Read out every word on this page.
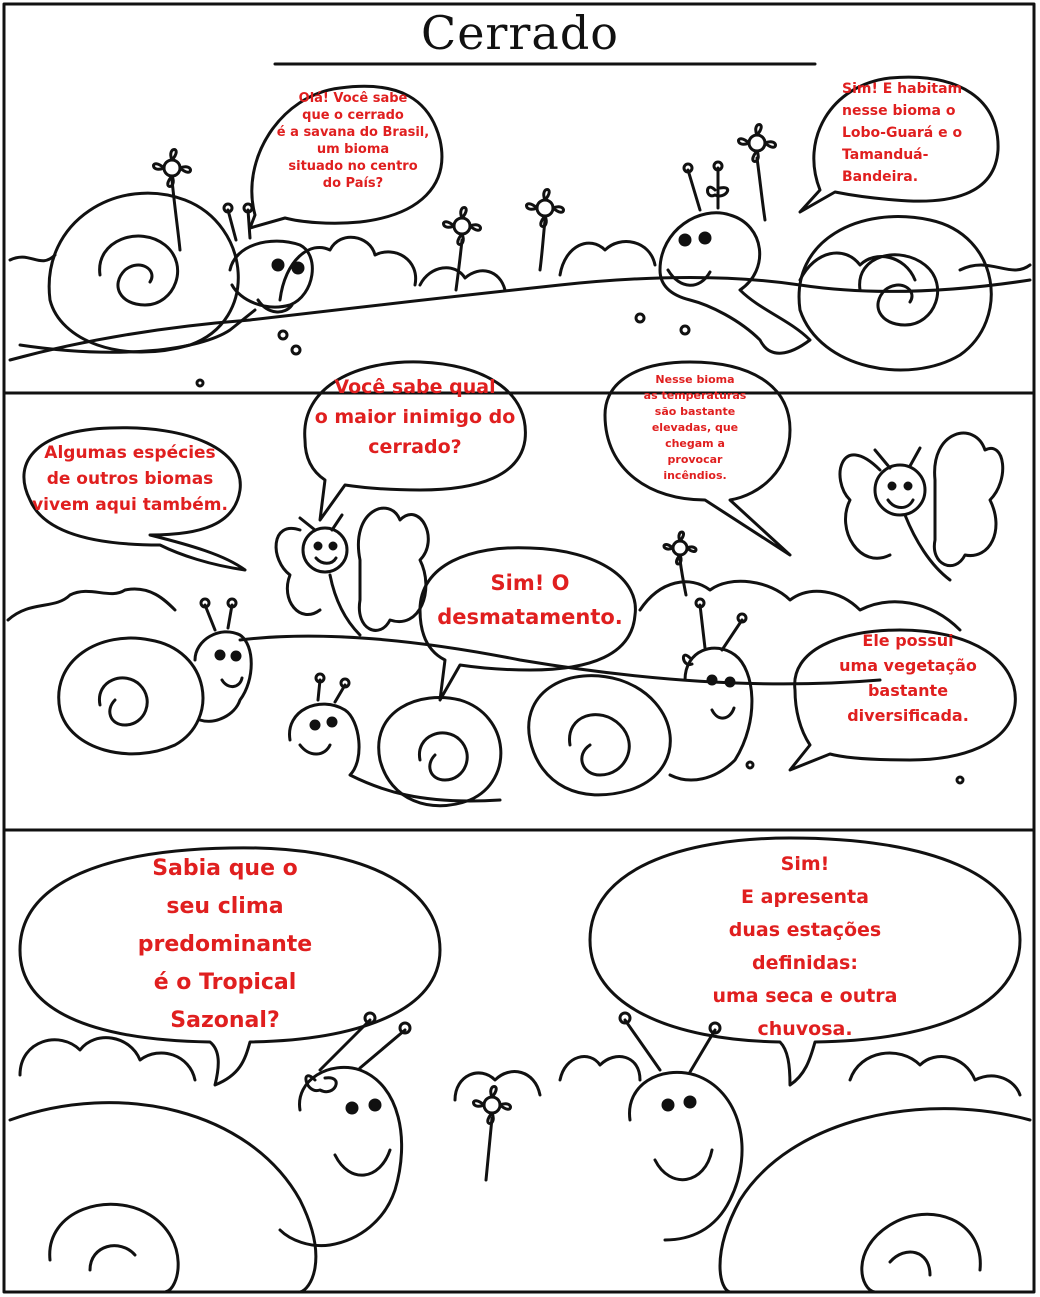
Cerrado
Olá! Você sabe
que o cerrado
é a savana do Brasil,
um bioma
situado no centro
do País?
Sim! E habitam
nesse bioma o
Lobo-Guará e o
Tamanduá-
Bandeira.
Algumas espécies
de outros biomas
vivem aqui também.
Você sabe qual
o maior inimigo do
cerrado?
Nesse bioma
as temperaturas
são bastante
elevadas, que
chegam a
provocar
incêndios.
Sim! O
desmatamento.
Ele possui
uma vegetação
bastante
diversificada.
Sabia que o
seu clima
predominante
é o Tropical
Sazonal?
Sim!
E apresenta
duas estações
definidas:
uma seca e outra
chuvosa.
